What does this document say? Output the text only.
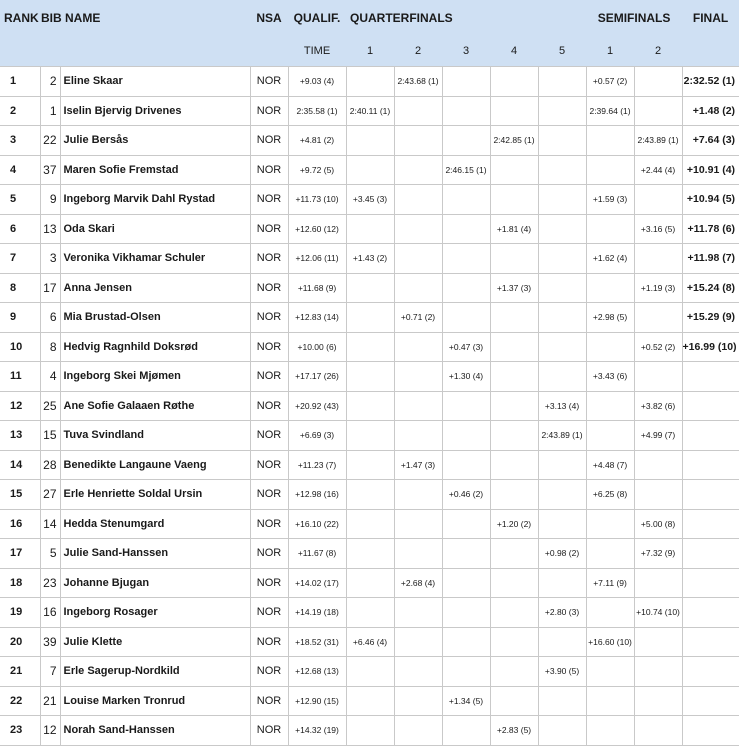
RANK	BIB NAME		NSA	QUALIF.	QUARTERFINALS					SEMIFINALS		FINAL
				TIME	1	2	3	4	5	1	2	
1	2	Eline Skaar	NOR	+9.03 (4)		2:43.68 (1)				+0.57 (2)		2:32.52 (1)
2	1	Iselin Bjervig Drivenes	NOR	2:35.58 (1)	2:40.11 (1)					2:39.64 (1)		+1.48 (2)
3	22	Julie Bersås	NOR	+4.81 (2)				2:42.85 (1)			2:43.89 (1)	+7.64 (3)
4	37	Maren Sofie Fremstad	NOR	+9.72 (5)			2:46.15 (1)				+2.44 (4)	+10.91 (4)
5	9	Ingeborg Marvik Dahl Rystad	NOR	+11.73 (10)	+3.45 (3)					+1.59 (3)		+10.94 (5)
6	13	Oda Skari	NOR	+12.60 (12)				+1.81 (4)			+3.16 (5)	+11.78 (6)
7	3	Veronika Vikhamar Schuler	NOR	+12.06 (11)	+1.43 (2)					+1.62 (4)		+11.98 (7)
8	17	Anna Jensen	NOR	+11.68 (9)				+1.37 (3)			+1.19 (3)	+15.24 (8)
9	6	Mia Brustad-Olsen	NOR	+12.83 (14)		+0.71 (2)				+2.98 (5)		+15.29 (9)
10	8	Hedvig Ragnhild Doksrød	NOR	+10.00 (6)			+0.47 (3)				+0.52 (2)	+16.99 (10)
11	4	Ingeborg Skei Mjømen	NOR	+17.17 (26)			+1.30 (4)			+3.43 (6)		
12	25	Ane Sofie Galaaen Røthe	NOR	+20.92 (43)					+3.13 (4)		+3.82 (6)	
13	15	Tuva Svindland	NOR	+6.69 (3)					2:43.89 (1)		+4.99 (7)	
14	28	Benedikte Langaune Vaeng	NOR	+11.23 (7)		+1.47 (3)				+4.48 (7)		
15	27	Erle Henriette Soldal Ursin	NOR	+12.98 (16)			+0.46 (2)			+6.25 (8)		
16	14	Hedda Stenumgard	NOR	+16.10 (22)				+1.20 (2)			+5.00 (8)	
17	5	Julie Sand-Hanssen	NOR	+11.67 (8)					+0.98 (2)		+7.32 (9)	
18	23	Johanne Bjugan	NOR	+14.02 (17)		+2.68 (4)				+7.11 (9)		
19	16	Ingeborg Rosager	NOR	+14.19 (18)					+2.80 (3)		+10.74 (10)	
20	39	Julie Klette	NOR	+18.52 (31)	+6.46 (4)					+16.60 (10)		
21	7	Erle Sagerup-Nordkild	NOR	+12.68 (13)					+3.90 (5)			
22	21	Louise Marken Tronrud	NOR	+12.90 (15)			+1.34 (5)					
23	12	Norah Sand-Hanssen	NOR	+14.32 (19)				+2.83 (5)				
